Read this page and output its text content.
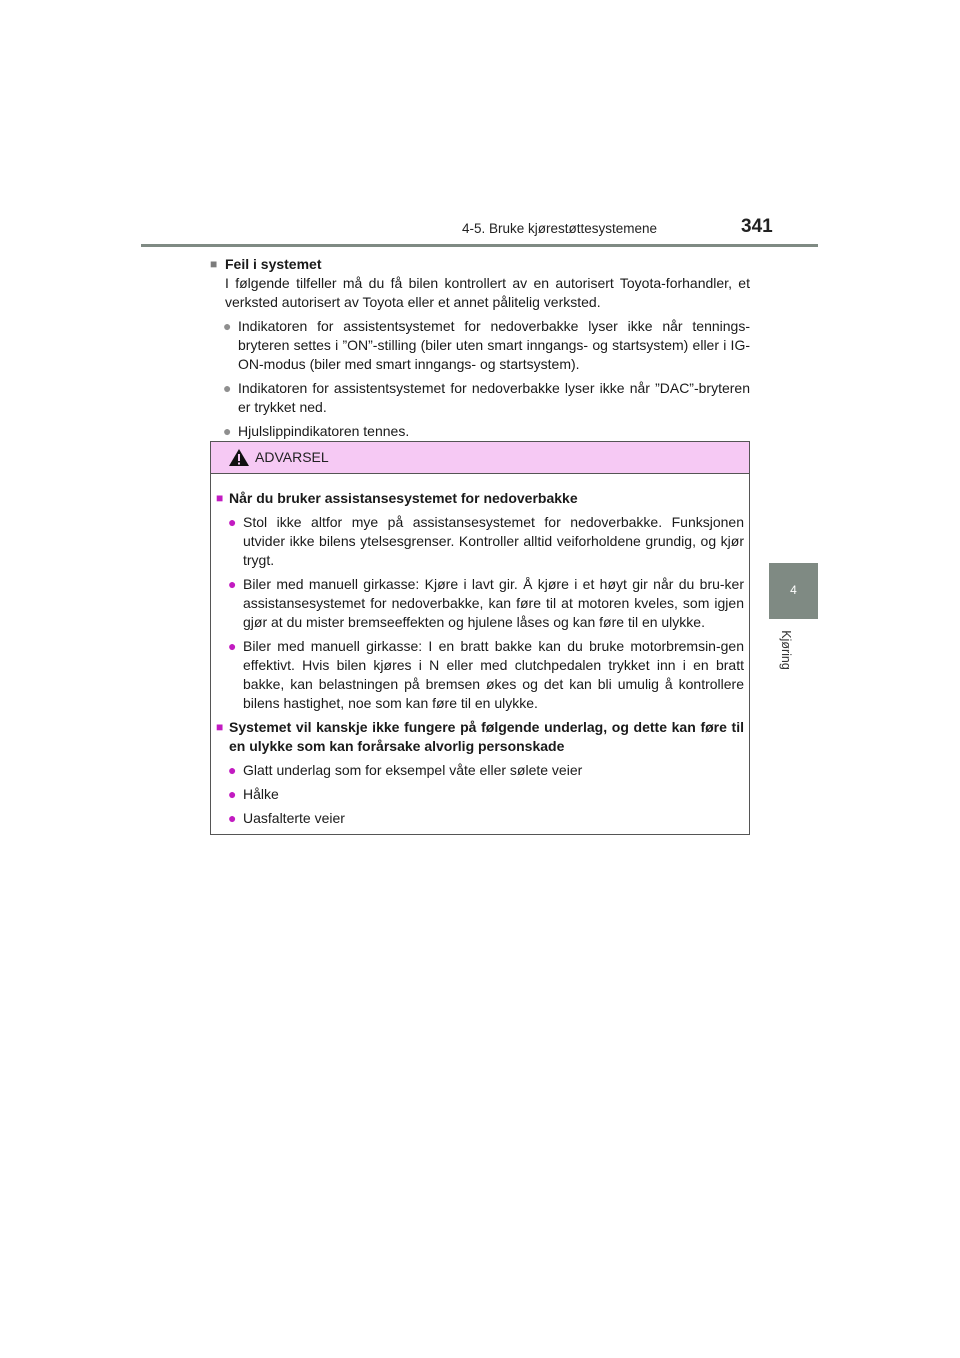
4-5. Bruke kjørestøttesystemene	341
4
Kjøring
■ Feil i systemet
I følgende tilfeller må du få bilen kontrollert av en autorisert Toyota-forhandler, et verksted autorisert av Toyota eller et annet pålitelig verksted.
● Indikatoren for assistentsystemet for nedoverbakke lyser ikke når tennings-bryteren settes i ”ON”-stilling (biler uten smart inngangs- og startsystem) eller i IG-ON-modus (biler med smart inngangs- og startsystem).
● Indikatoren for assistentsystemet for nedoverbakke lyser ikke når ”DAC”-bryteren er trykket ned.
● Hjulslippindikatoren tennes.
ADVARSEL
■ Når du bruker assistansesystemet for nedoverbakke
● Stol ikke altfor mye på assistansesystemet for nedoverbakke. Funksjonen utvider ikke bilens ytelsesgrenser. Kontroller alltid veiforholdene grundig, og kjør trygt.
● Biler med manuell girkasse: Kjøre i lavt gir. Å kjøre i et høyt gir når du bru-ker assistansesystemet for nedoverbakke, kan føre til at motoren kveles, som igjen gjør at du mister bremseeffekten og hjulene låses og kan føre til en ulykke.
● Biler med manuell girkasse: I en bratt bakke kan du bruke motorbremsin-gen effektivt. Hvis bilen kjøres i N eller med clutchpedalen trykket inn i en bratt bakke, kan belastningen på bremsen økes og det kan bli umulig å kontrollere bilens hastighet, noe som kan føre til en ulykke.
■ Systemet vil kanskje ikke fungere på følgende underlag, og dette kan føre til en ulykke som kan forårsake alvorlig personskade
● Glatt underlag som for eksempel våte eller sølete veier
● Hålke
● Uasfalterte veier
